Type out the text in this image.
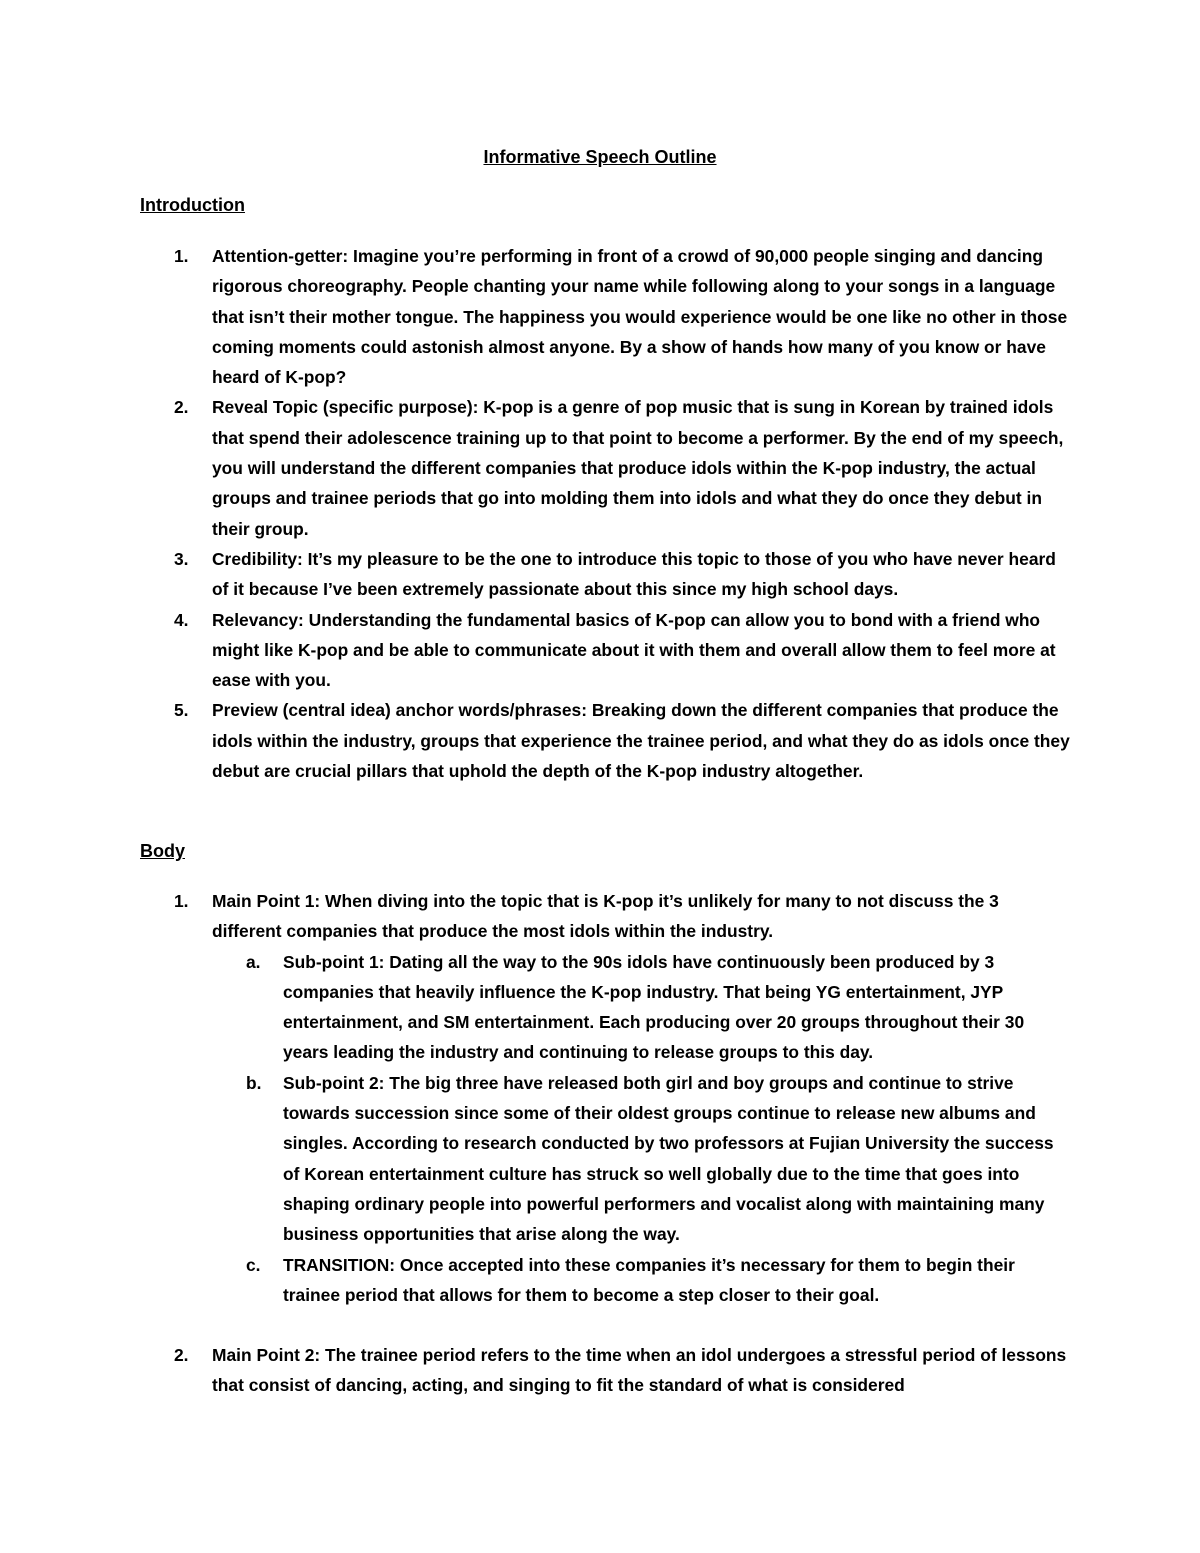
Informative Speech Outline
Introduction
1. Attention-getter: Imagine you’re performing in front of a crowd of 90,000 people singing and dancing rigorous choreography. People chanting your name while following along to your songs in a language that isn’t their mother tongue. The happiness you would experience would be one like no other in those coming moments could astonish almost anyone. By a show of hands how many of you know or have heard of K-pop?
2. Reveal Topic (specific purpose): K-pop is a genre of pop music that is sung in Korean by trained idols that spend their adolescence training up to that point to become a performer. By the end of my speech, you will understand the different companies that produce idols within the K-pop industry, the actual groups and trainee periods that go into molding them into idols and what they do once they debut in their group.
3. Credibility: It’s my pleasure to be the one to introduce this topic to those of you who have never heard of it because I’ve been extremely passionate about this since my high school days.
4. Relevancy: Understanding the fundamental basics of K-pop can allow you to bond with a friend who might like K-pop and be able to communicate about it with them and overall allow them to feel more at ease with you.
5. Preview (central idea) anchor words/phrases: Breaking down the different companies that produce the idols within the industry, groups that experience the trainee period, and what they do as idols once they debut are crucial pillars that uphold the depth of the K-pop industry altogether.
Body
1. Main Point 1: When diving into the topic that is K-pop it’s unlikely for many to not discuss the 3 different companies that produce the most idols within the industry.
a. Sub-point 1: Dating all the way to the 90s idols have continuously been produced by 3 companies that heavily influence the K-pop industry. That being YG entertainment, JYP entertainment, and SM entertainment. Each producing over 20 groups throughout their 30 years leading the industry and continuing to release groups to this day.
b. Sub-point 2: The big three have released both girl and boy groups and continue to strive towards succession since some of their oldest groups continue to release new albums and singles. According to research conducted by two professors at Fujian University the success of Korean entertainment culture has struck so well globally due to the time that goes into shaping ordinary people into powerful performers and vocalist along with maintaining many business opportunities that arise along the way.
c. TRANSITION: Once accepted into these companies it’s necessary for them to begin their trainee period that allows for them to become a step closer to their goal.
2. Main Point 2: The trainee period refers to the time when an idol undergoes a stressful period of lessons that consist of dancing, acting, and singing to fit the standard of what is considered
